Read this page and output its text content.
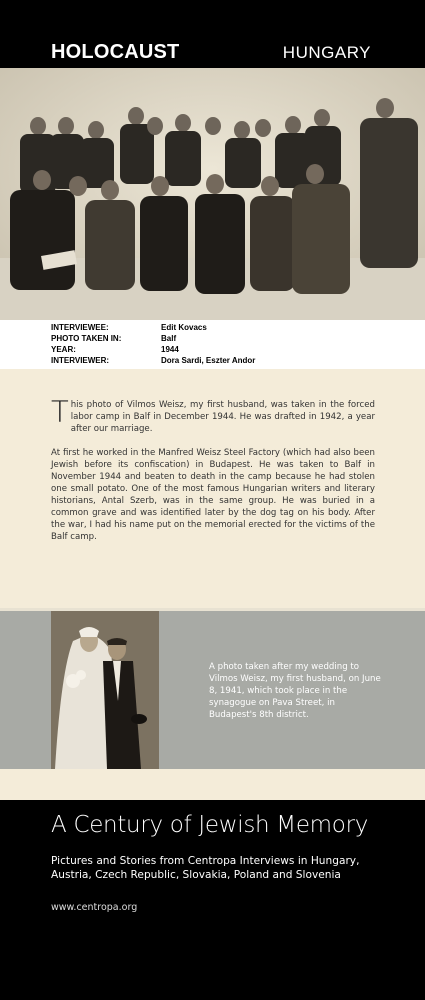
HOLOCAUST	HUNGARY
INTERVIEWEE:	Edit Kovacs
PHOTO TAKEN IN:	Balf
YEAR:	1944
INTERVIEWER:	Dora Sardi, Eszter Andor
This photo of Vilmos Weisz, my first husband, was taken in the forced labor camp in Balf in December 1944. He was drafted in 1942, a year after our marriage.
At first he worked in the Manfred Weisz Steel Factory (which had also been Jewish before its confiscation) in Budapest. He was taken to Balf in November 1944 and beaten to death in the camp because he had stolen one small potato. One of the most famous Hungarian writers and literary historians, Antal Szerb, was in the same group. He was buried in a common grave and was identified later by the dog tag on his body. After the war, I had his name put on the memorial erected for the victims of the Balf camp.
A photo taken after my wedding to Vilmos Weisz, my first husband, on June 8, 1941, which took place in the synagogue on Pava Street, in Budapest's 8th district.
A Century of Jewish Memory
Pictures and Stories from Centropa Interviews in Hungary, Austria, Czech Republic, Slovakia, Poland and Slovenia
www.centropa.org
